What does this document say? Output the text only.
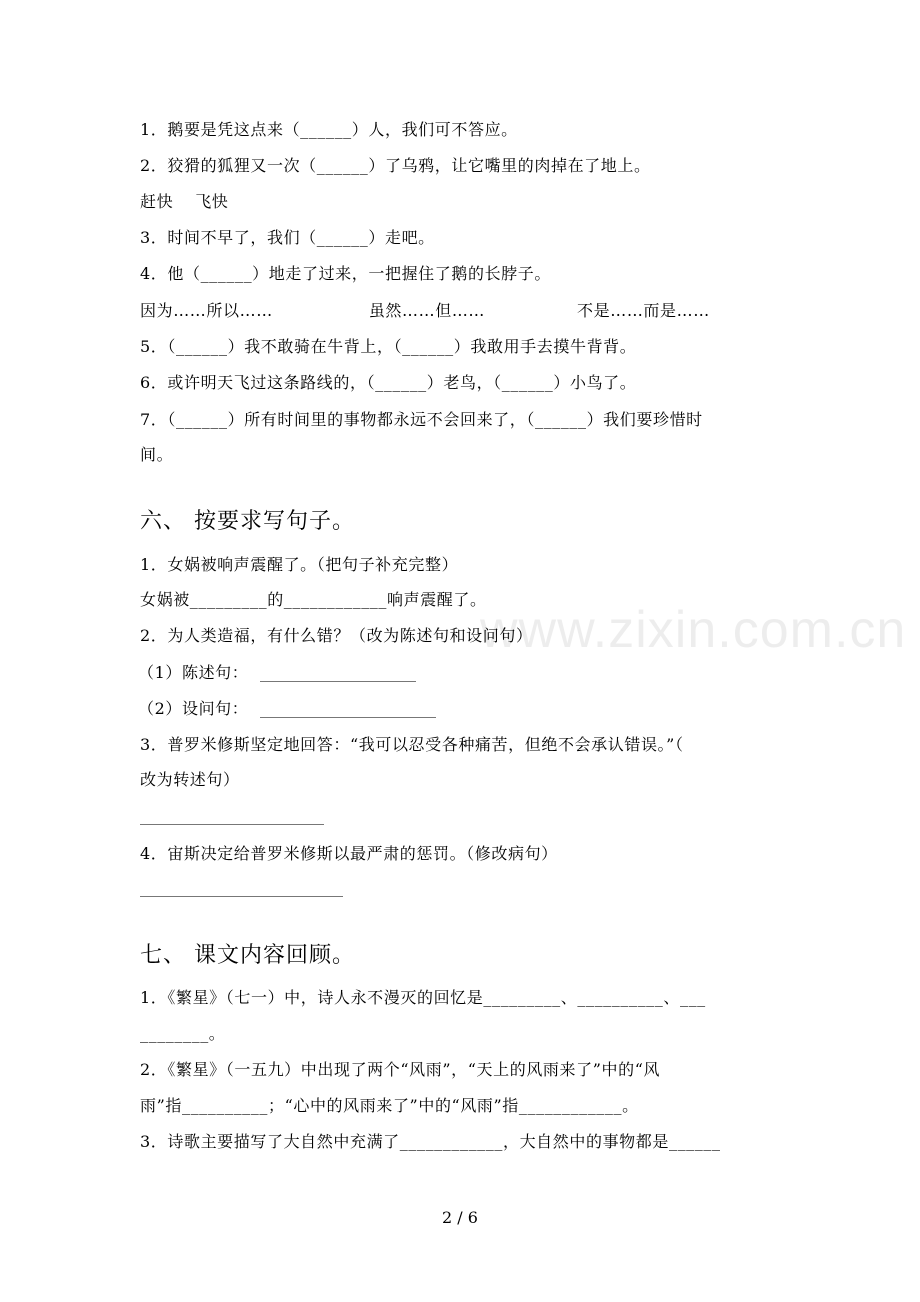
www.zixin.com.cn
1．鹅要是凭这点来（______）人，我们可不答应。
2．狡猾的狐狸又一次（______）了乌鸦，让它嘴里的肉掉在了地上。
赶快 飞快
3．时间不早了，我们（______）走吧。
4．他（______）地走了过来，一把握住了鹅的长脖子。
因为……所以……	虽然……但……	不是……而是……
5．（______）我不敢骑在牛背上，（______）我敢用手去摸牛背背。
6．或许明天飞过这条路线的，（______）老鸟，（______）小鸟了。
7．（______）所有时间里的事物都永远不会回来了，（______）我们要珍惜时
间。
六、 按要求写句子。
1．女娲被响声震醒了。（把句子补充完整）
女娲被_________的____________响声震醒了。
2．为人类造福，有什么错？（改为陈述句和设问句）
（1）陈述句：
（2）设问句：
3．普罗米修斯坚定地回答：“我可以忍受各种痛苦，但绝不会承认错误。”（
改为转述句）
4．宙斯决定给普罗米修斯以最严肃的惩罚。（修改病句）
七、 课文内容回顾。
1．《繁星》（七一）中，诗人永不漫灭的回忆是_________、__________、___
________。
2．《繁星》（一五九）中出现了两个“风雨”，“天上的风雨来了”中的“风
雨”指__________；“心中的风雨来了”中的“风雨”指____________。
3．诗歌主要描写了大自然中充满了____________，大自然中的事物都是______
2 / 6
